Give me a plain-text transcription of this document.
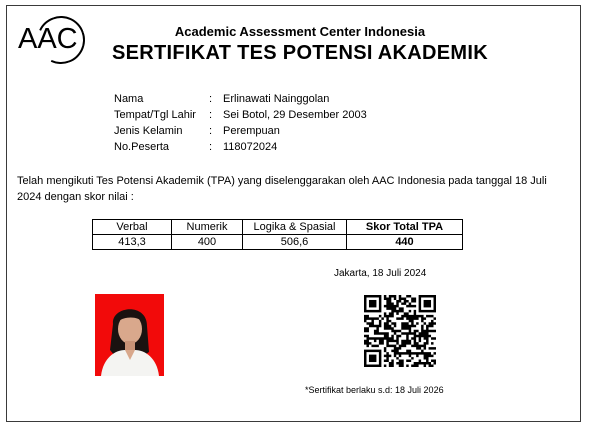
AAC	Academic Assessment Center Indonesia
SERTIFIKAT TES POTENSI AKADEMIK
Nama	: Erlinawati Nainggolan
Tempat/Tgl Lahir	: Sei Botol, 29 Desember 2003
Jenis Kelamin	: Perempuan
No.Peserta	: 118072024
Telah mengikuti Tes Potensi Akademik (TPA) yang diselenggarakan oleh AAC Indonesia pada tanggal 18 Juli 2024 dengan skor nilai :
Verbal	Numerik	Logika & Spasial	Skor Total TPA
413,3	400	506,6	440
Jakarta, 18 Juli 2024
*Sertifikat berlaku s.d: 18 Juli 2026
